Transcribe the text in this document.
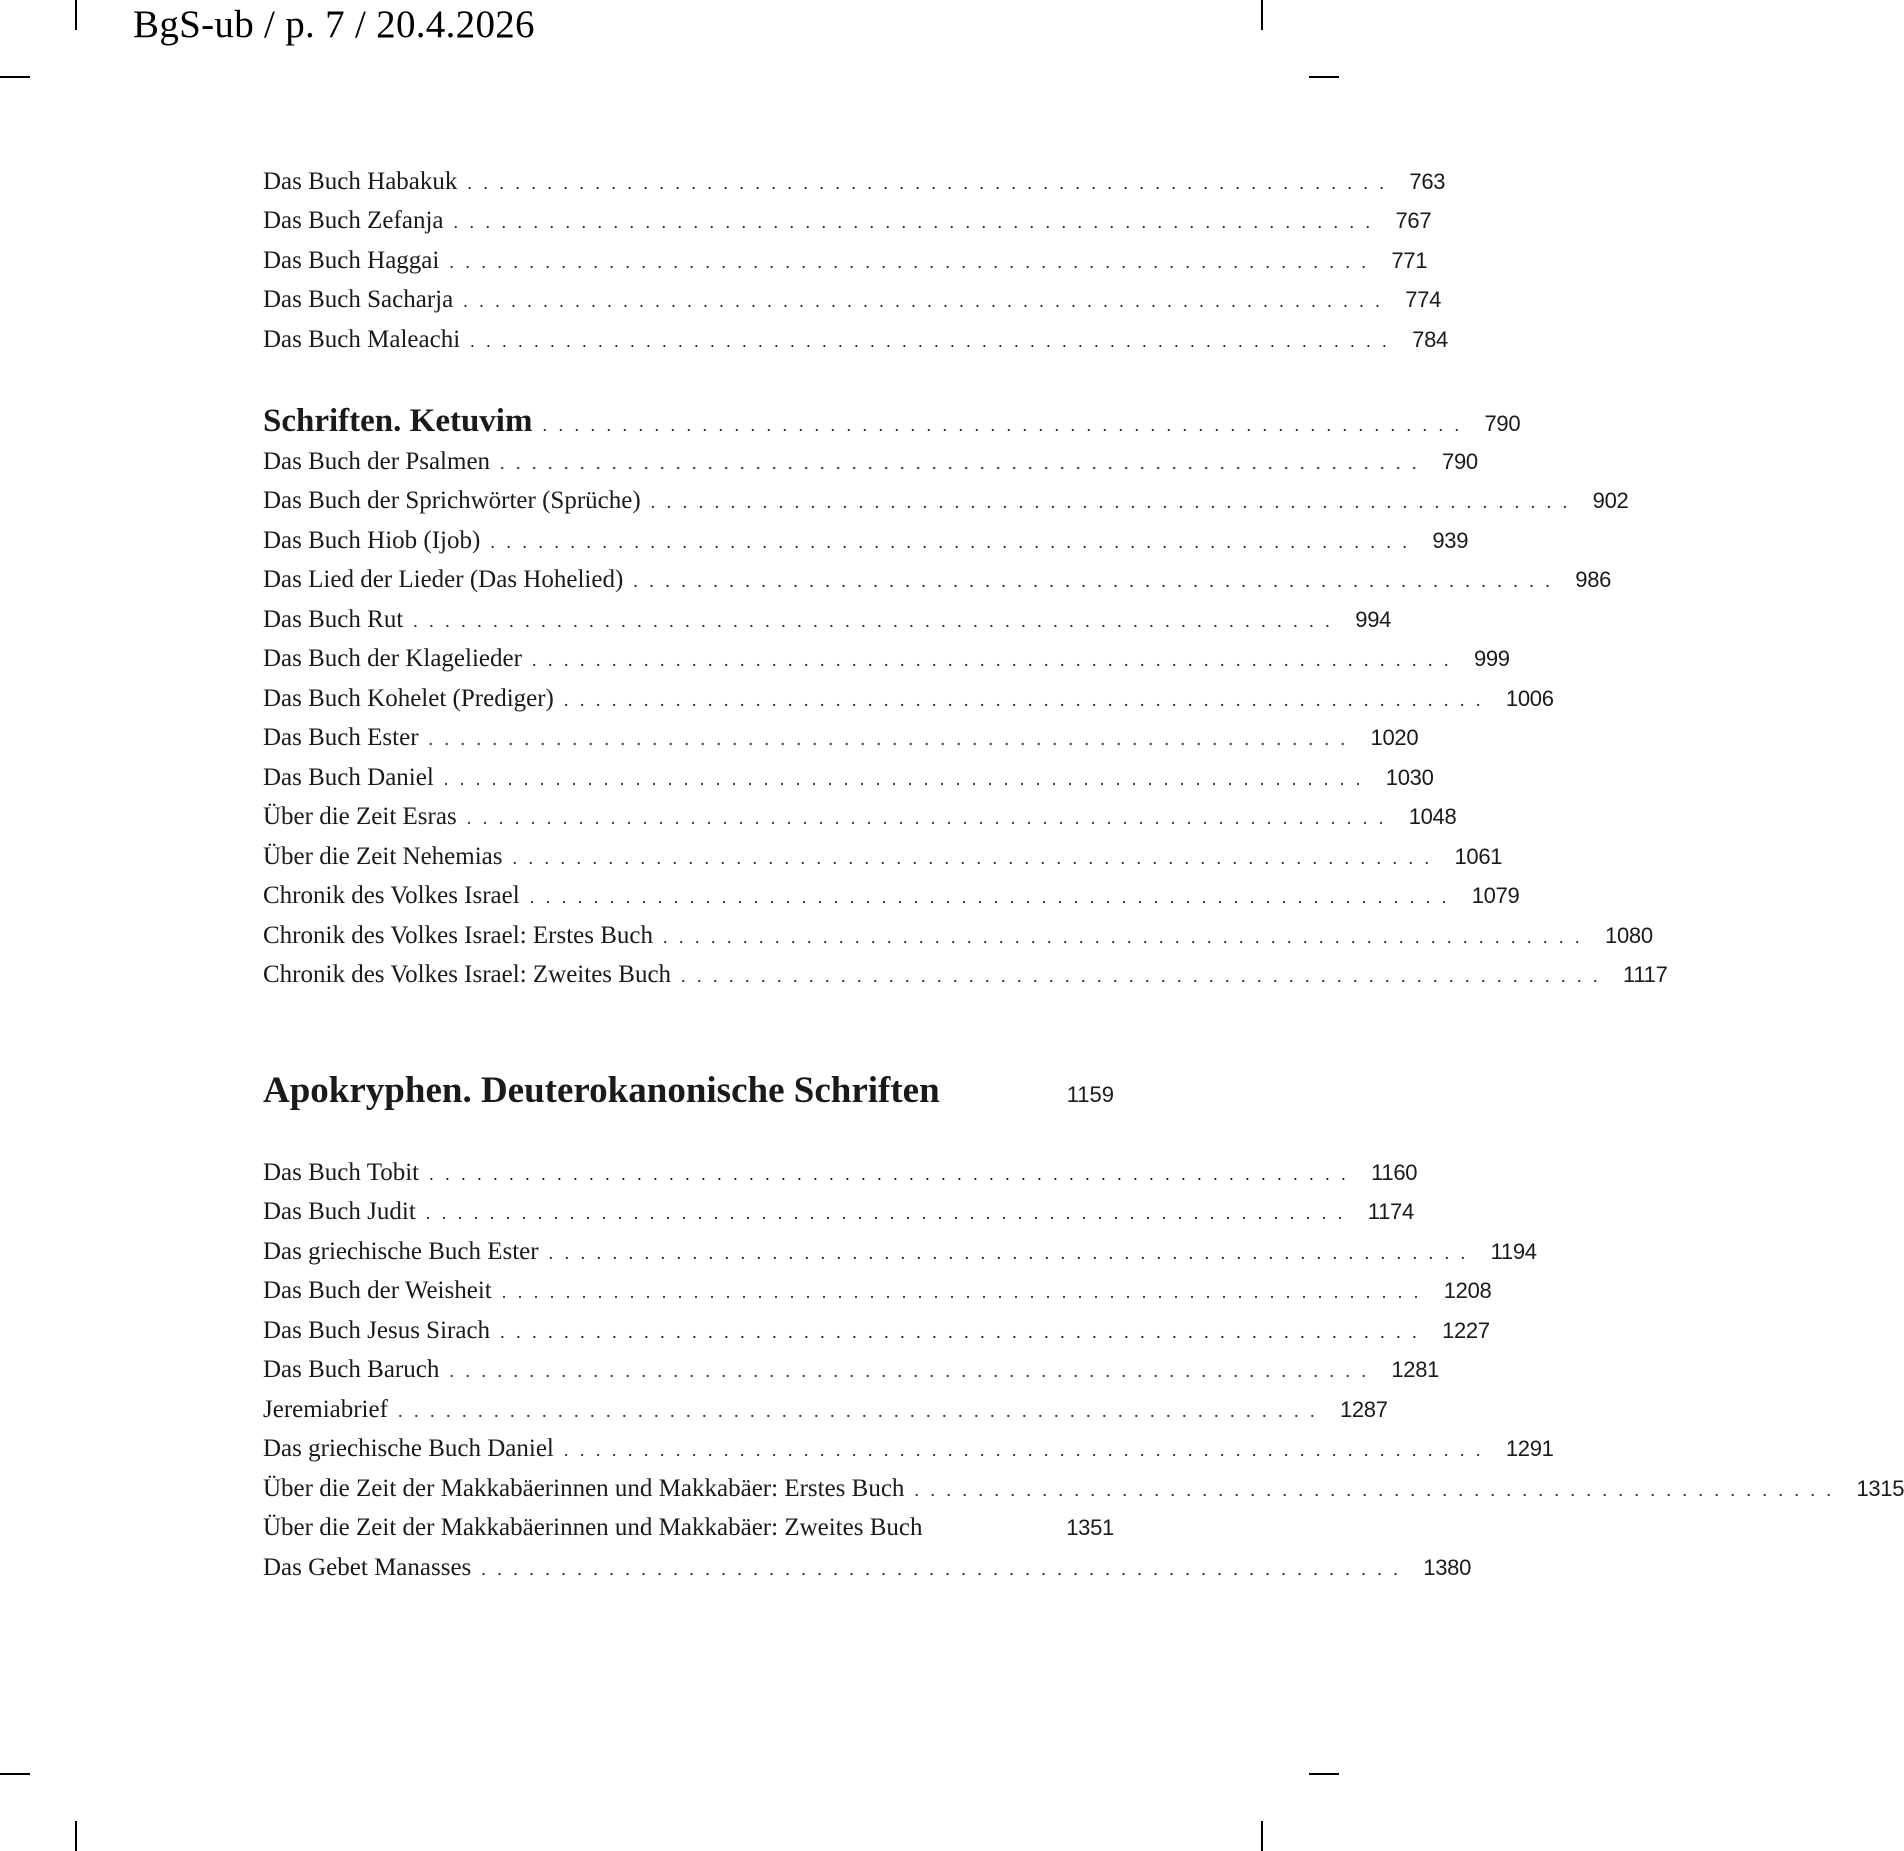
BgS-ub / p. 7 / 20.4.2026
Das Buch Habakuk .......................................................... 763
Das Buch Zefanja .......................................................... 767
Das Buch Haggai .......................................................... 771
Das Buch Sacharja .......................................................... 774
Das Buch Maleachi .......................................................... 784
Schriften. Ketuvim .......................................................... 790
Das Buch der Psalmen .......................................................... 790
Das Buch der Sprichwörter (Sprüche) .......................................................... 902
Das Buch Hiob (Ijob) .......................................................... 939
Das Lied der Lieder (Das Hohelied) .......................................................... 986
Das Buch Rut .......................................................... 994
Das Buch der Klagelieder .......................................................... 999
Das Buch Kohelet (Prediger) .......................................................... 1006
Das Buch Ester .......................................................... 1020
Das Buch Daniel .......................................................... 1030
Über die Zeit Esras .......................................................... 1048
Über die Zeit Nehemias .......................................................... 1061
Chronik des Volkes Israel .......................................................... 1079
Chronik des Volkes Israel: Erstes Buch .......................................................... 1080
Chronik des Volkes Israel: Zweites Buch .......................................................... 1117
Apokryphen. Deuterokanonische Schriften	1159
Das Buch Tobit .......................................................... 1160
Das Buch Judit .......................................................... 1174
Das griechische Buch Ester .......................................................... 1194
Das Buch der Weisheit .......................................................... 1208
Das Buch Jesus Sirach .......................................................... 1227
Das Buch Baruch .......................................................... 1281
Jeremiabrief .......................................................... 1287
Das griechische Buch Daniel .......................................................... 1291
Über die Zeit der Makkabäerinnen und Makkabäer: Erstes Buch .......................................................... 1315
Über die Zeit der Makkabäerinnen und Makkabäer: Zweites Buch	1351
Das Gebet Manasses .......................................................... 1380
